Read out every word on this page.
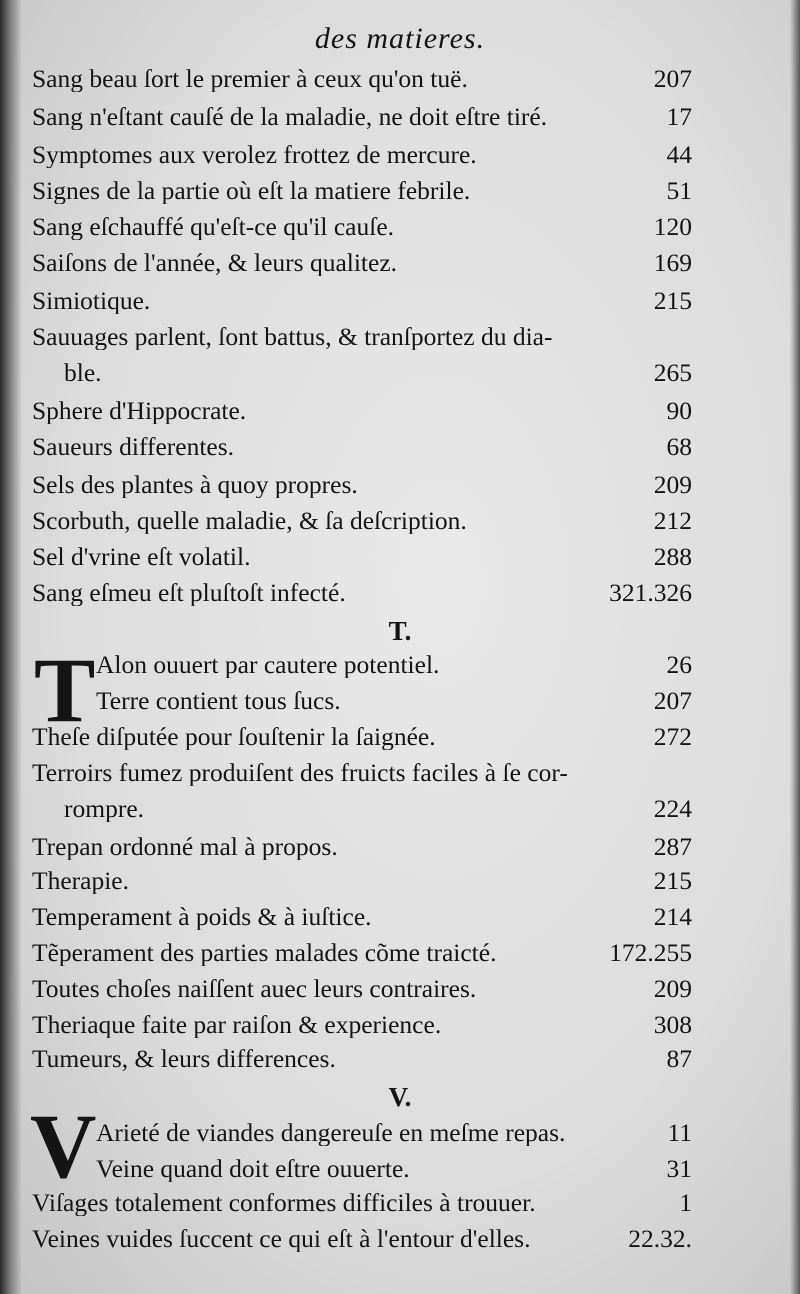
des matieres.
Sang beau ſort le premier à ceux qu'on tuë.	207
Sang n'eſtant cauſé de la maladie, ne doit eſtre tiré.	17
Symptomes aux verolez frottez de mercure.	44
Signes de la partie où eſt la matiere febrile.	51
Sang eſchauffé qu'eſt-ce qu'il cauſe.	120
Saiſons de l'année, & leurs qualitez.	169
Simiotique.	215
Sauuages parlent, ſont battus, & tranſportez du dia-
ble.	265
Sphere d'Hippocrate.	90
Saueurs differentes.	68
Sels des plantes à quoy propres.	209
Scorbuth, quelle maladie, & ſa deſcription.	212
Sel d'vrine eſt volatil.	288
Sang eſmeu eſt pluſtoſt infecté.	321.326
T.
T Alon ouuert par cautere potentiel.	26
Terre contient tous ſucs.	207
Theſe diſputée pour ſouſtenir la ſaignée.	272
Terroirs fumez produiſent des fruicts faciles à ſe cor-
rompre.	224
Trepan ordonné mal à propos.	287
Therapie.	215
Temperament à poids & à iuſtice.	214
Tẽperament des parties malades cõme traicté.	172.255
Toutes choſes naiſſent auec leurs contraires.	209
Theriaque faite par raiſon & experience.	308
Tumeurs, & leurs differences.	87
V.
V Arieté de viandes dangereuſe en meſme repas.	11
Veine quand doit eſtre ouuerte.	31
Viſages totalement conformes difficiles à trouuer.	1
Veines vuides ſuccent ce qui eſt à l'entour d'elles.	22.32.
